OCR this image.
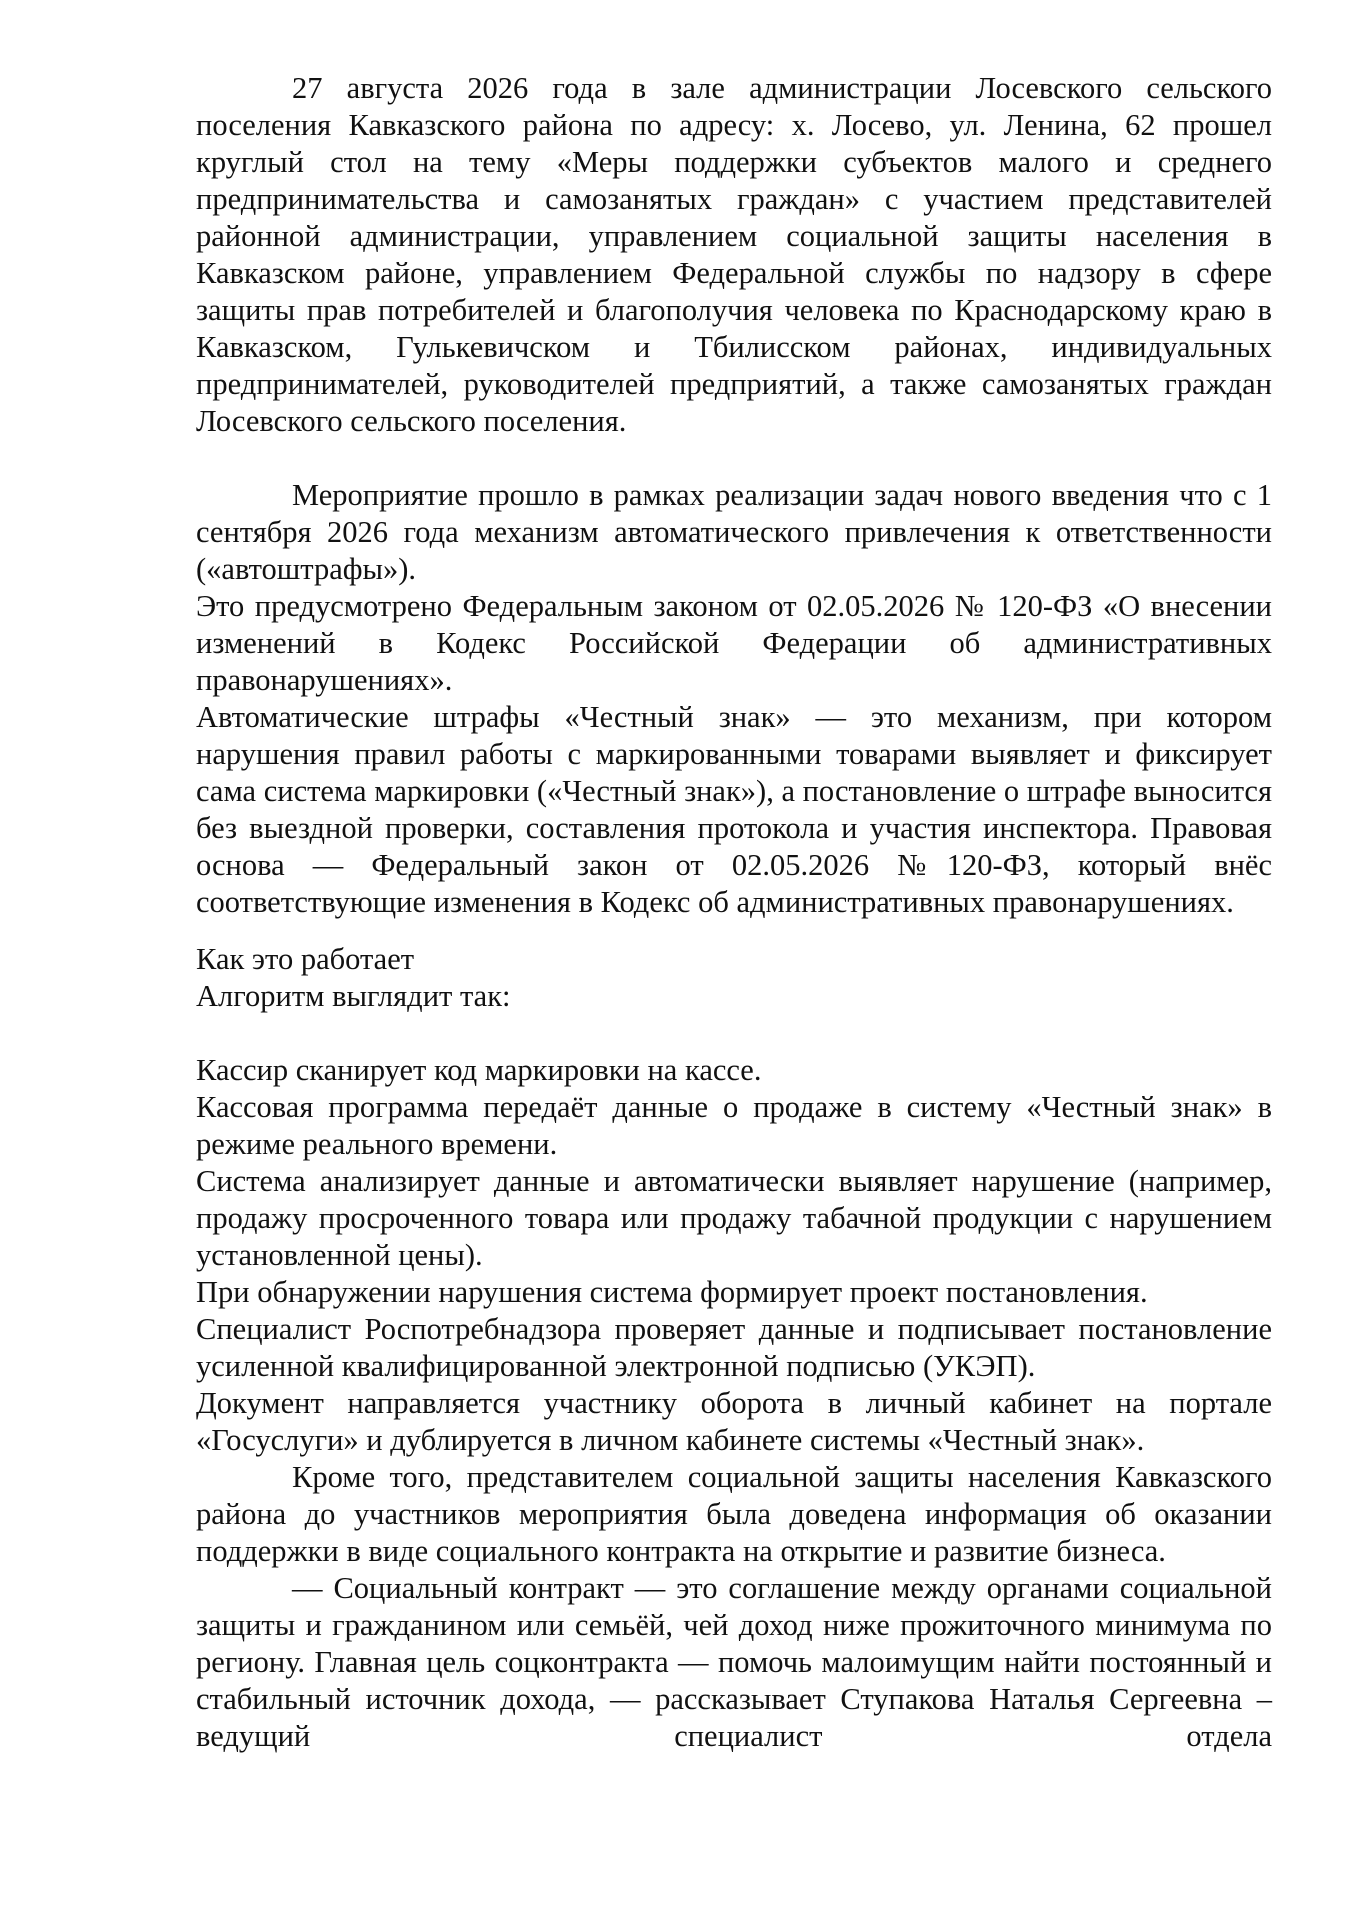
27 августа 2026 года в зале администрации Лосевского сельского поселения Кавказского района по адресу: х. Лосево, ул. Ленина, 62 прошел круглый стол на тему «Меры поддержки субъектов малого и среднего предпринимательства и самозанятых граждан» с участием представителей районной администрации, управлением социальной защиты населения в Кавказском районе, управлением Федеральной службы по надзору в сфере защиты прав потребителей и благополучия человека по Краснодарскому краю в Кавказском, Гулькевичском и Тбилисском районах, индивидуальных предпринимателей, руководителей предприятий, а также самозанятых граждан Лосевского сельского поселения.

Мероприятие прошло в рамках реализации задач нового введения что с 1 сентября 2026 года механизм автоматического привлечения к ответственности («автоштрафы»).

Это предусмотрено Федеральным законом от 02.05.2026 № 120-ФЗ «О внесении изменений в Кодекс Российской Федерации об административных правонарушениях».

Автоматические штрафы «Честный знак» — это механизм, при котором нарушения правил работы с маркированными товарами выявляет и фиксирует сама система маркировки («Честный знак»), а постановление о штрафе выносится без выездной проверки, составления протокола и участия инспектора. Правовая основа — Федеральный закон от 02.05.2026 №120-ФЗ, который внёс соответствующие изменения в Кодекс об административных правонарушениях.

Как это работает

Алгоритм выглядит так:

Кассир сканирует код маркировки на кассе.

Кассовая программа передаёт данные о продаже в систему «Честный знак» в режиме реального времени.

Система анализирует данные и автоматически выявляет нарушение (например, продажу просроченного товара или продажу табачной продукции с нарушением установленной цены).

При обнаружении нарушения система формирует проект постановления.

Специалист Роспотребнадзора проверяет данные и подписывает постановление усиленной квалифицированной электронной подписью (УКЭП).

Документ направляется участнику оборота в личный кабинет на портале «Госуслуги» и дублируется в личном кабинете системы «Честный знак».

Кроме того, представителем социальной защиты населения Кавказского района до участников мероприятия была доведена информация об оказании поддержки в виде социального контракта на открытие и развитие бизнеса.

— Социальный контракт — это соглашение между органами социальной защиты и гражданином или семьёй, чей доход ниже прожиточного минимума по региону. Главная цель соцконтракта — помочь малоимущим найти постоянный и стабильный источник дохода, — рассказывает Ступакова Наталья Сергеевна – ведущий специалист отдела
